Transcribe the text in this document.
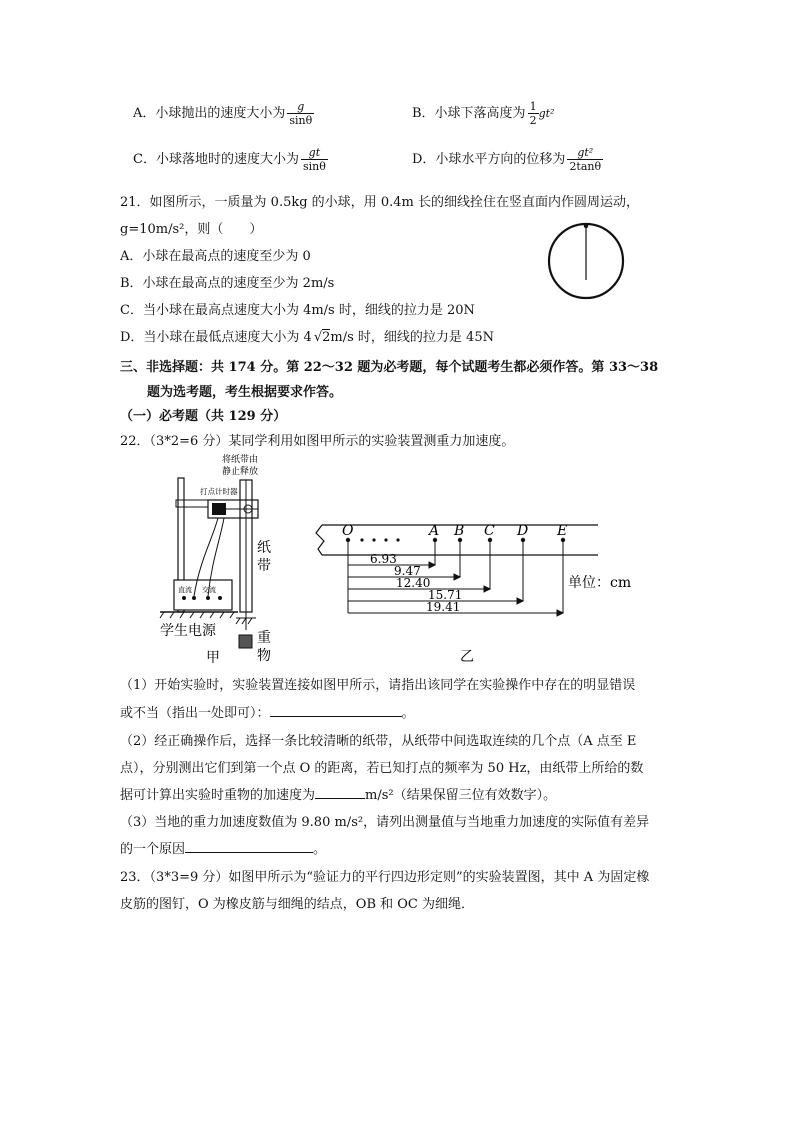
A．小球抛出的速度大小为 $\frac{g}{\sin\theta}$	B．小球下落高度为 $\frac{1}{2} gt^2$
C．小球落地时的速度大小为 $\frac{gt}{\sin\theta}$	D．小球水平方向的位移为 $\frac{\text{gt²}}{2\tan\theta}$
21．如图所示，一质量为 0.5kg 的小球，用 0.4m 长的细线拴住在竖直面内作圆周运动，
g=10m/s²，则（　　）
A．小球在最高点的速度至少为 0
B．小球在最高点的速度至少为 2m/s
C．当小球在最高点速度大小为 4m/s 时，细线的拉力是 20N
D．当小球在最低点速度大小为 4 √2m/s 时，细线的拉力是 45N
三、非选择题：共 174 分。第 22～32 题为必考题，每个试题考生都必须作答。第 33～38
题为选考题，考生根据要求作答。
（一）必考题（共 129 分）
22．（3*2=6 分）某同学利用如图甲所示的实验装置测重力加速度。
将纸带由
静止释放
打点计时器
纸
带
直流 交流
学生电源	重
物
甲
O	A B C D E
6.93
9.47
12.40
15.71
19.41
单位：cm
乙
（1）开始实验时，实验装置连接如图甲所示，请指出该同学在实验操作中存在的明显错误
或不当（指出一处即可）：	。
（2）经正确操作后，选择一条比较清晰的纸带，从纸带中间选取连续的几个点（A 点至 E
点），分别测出它们到第一个点 O 的距离，若已知打点的频率为 50 Hz，由纸带上所给的数
据可计算出实验时重物的加速度为	m/s²（结果保留三位有效数字）。
（3）当地的重力加速度数值为 9.80 m/s²，请列出测量值与当地重力加速度的实际值有差异
的一个原因	。
23．（3*3=9 分）如图甲所示为“验证力的平行四边形定则”的实验装置图，其中 A 为固定橡
皮筋的图钉，O 为橡皮筋与细绳的结点，OB 和 OC 为细绳．
